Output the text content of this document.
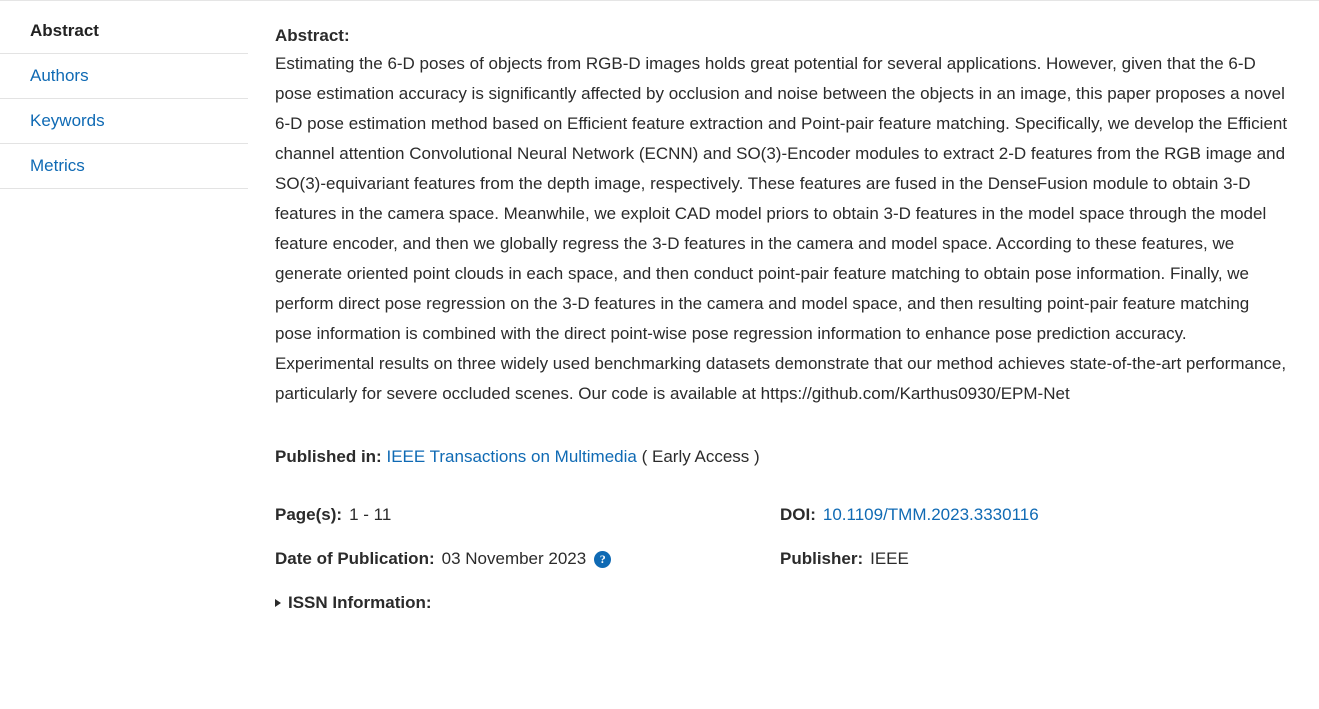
Abstract
Authors
Keywords
Metrics
Abstract:
Estimating the 6-D poses of objects from RGB-D images holds great potential for several applications. However, given that the 6-D pose estimation accuracy is significantly affected by occlusion and noise between the objects in an image, this paper proposes a novel 6-D pose estimation method based on Efficient feature extraction and Point-pair feature matching. Specifically, we develop the Efficient channel attention Convolutional Neural Network (ECNN) and SO(3)-Encoder modules to extract 2-D features from the RGB image and SO(3)-equivariant features from the depth image, respectively. These features are fused in the DenseFusion module to obtain 3-D features in the camera space. Meanwhile, we exploit CAD model priors to obtain 3-D features in the model space through the model feature encoder, and then we globally regress the 3-D features in the camera and model space. According to these features, we generate oriented point clouds in each space, and then conduct point-pair feature matching to obtain pose information. Finally, we perform direct pose regression on the 3-D features in the camera and model space, and then resulting point-pair feature matching pose information is combined with the direct point-wise pose regression information to enhance pose prediction accuracy. Experimental results on three widely used benchmarking datasets demonstrate that our method achieves state-of-the-art performance, particularly for severe occluded scenes. Our code is available at https://github.com/Karthus0930/EPM-Net
Published in: IEEE Transactions on Multimedia ( Early Access )
Page(s): 1 - 11	DOI: 10.1109/TMM.2023.3330116
Date of Publication: 03 November 2023	?	Publisher: IEEE
ISSN Information:
